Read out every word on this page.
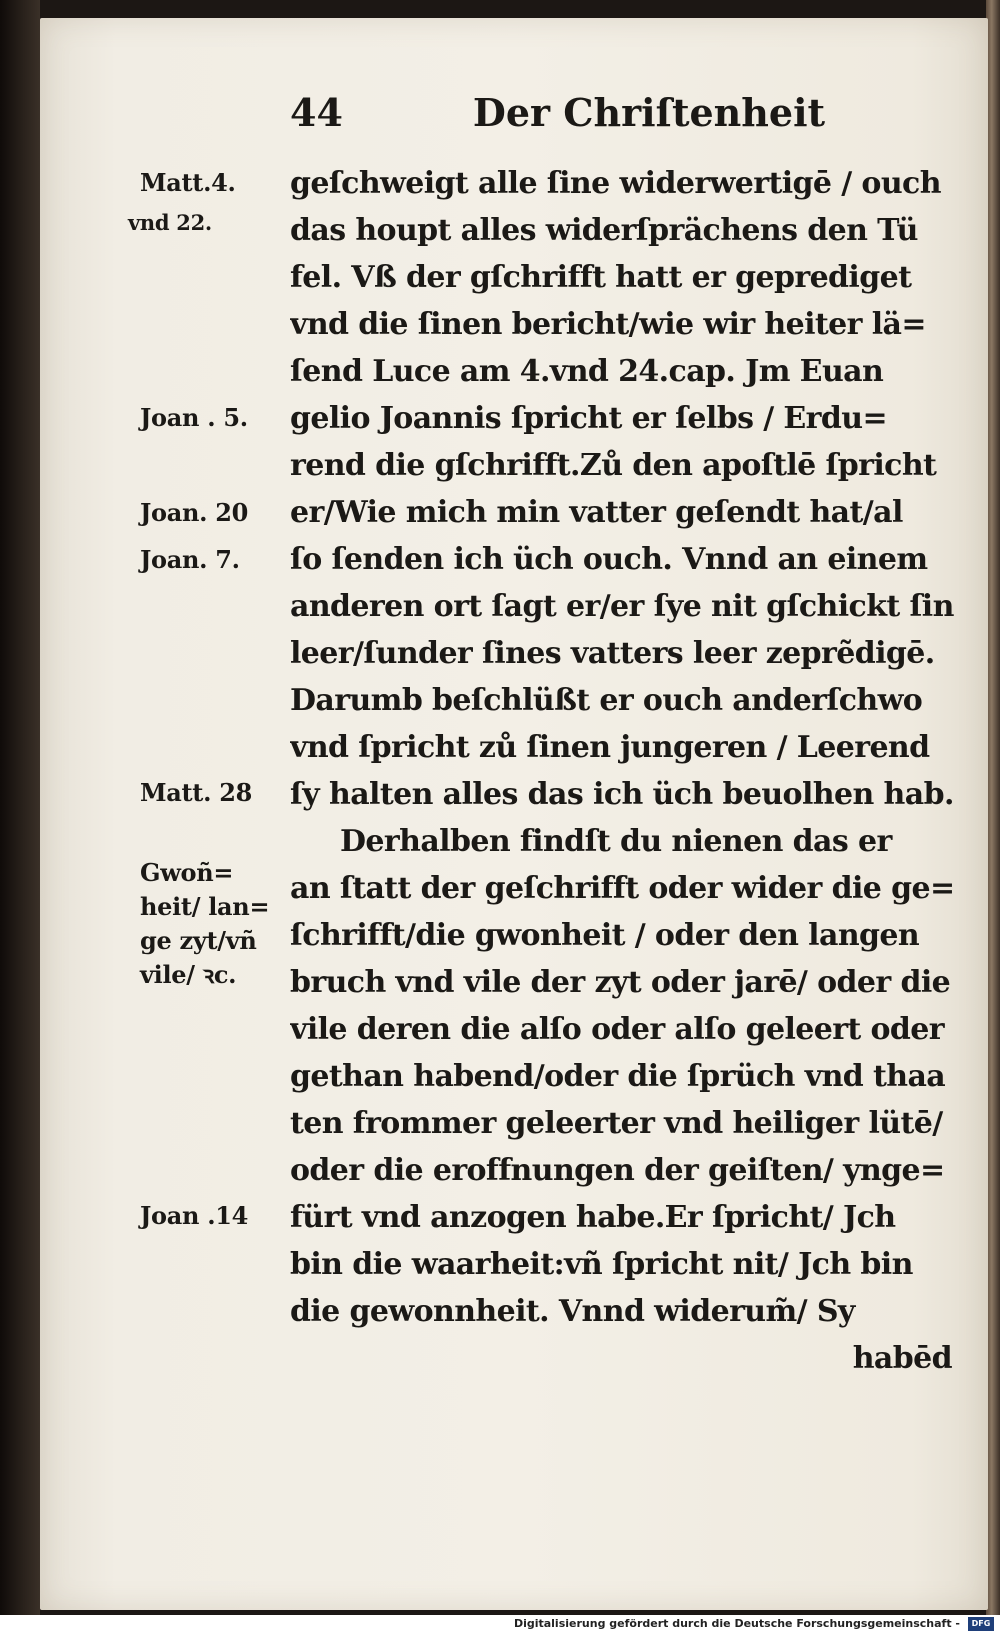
44	Der Chriſtenheit
Matt.4.
vnd 22.
Joan . 5.
Joan. 20
Joan. 7.
Matt. 28
Gwoñ=
heit/ lan=
ge zyt/vñ
vile/ ꝛc.
Joan .14
geſchweigt alle ſine widerwertigē / ouch
das houpt alles widerſprächens den Tü
fel. Vß der gſchrifft hatt er geprediget
vnd die ſinen bericht/wie wir heiter lä=
ſend Luce am 4.vnd 24.cap. Jm Euan
gelio Joannis ſpricht er ſelbs / Erdu=
rend die gſchrifft.Zů den apoſtlē ſpricht
er/Wie mich min vatter geſendt hat/al
ſo ſenden ich üch ouch. Vnnd an einem
anderen ort ſagt er/er ſye nit gſchickt ſin
leer/ſunder ſines vatters leer zeprẽdigē.
Darumb beſchlüßt er ouch anderſchwo
vnd ſpricht zů ſinen jungeren / Leerend
ſy halten alles das ich üch beuolhen hab.
Derhalben findſt du nienen das er
an ſtatt der geſchrifft oder wider die ge=
ſchrifft/die gwonheit / oder den langen
bruch vnd vile der zyt oder jarē/ oder die
vile deren die alſo oder alſo geleert oder
gethan habend/oder die ſprüch vnd thaa
ten frommer geleerter vnd heiliger lütē/
oder die eroffnungen der geiſten/ ynge=
fürt vnd anzogen habe.Er ſpricht/ Jch
bin die waarheit:vñ ſpricht nit/ Jch bin
die gewonnheit. Vnnd widerum̃/ Sy
habēd
Digitalisierung gefördert durch die Deutsche Forschungsgemeinschaft -	DFG
